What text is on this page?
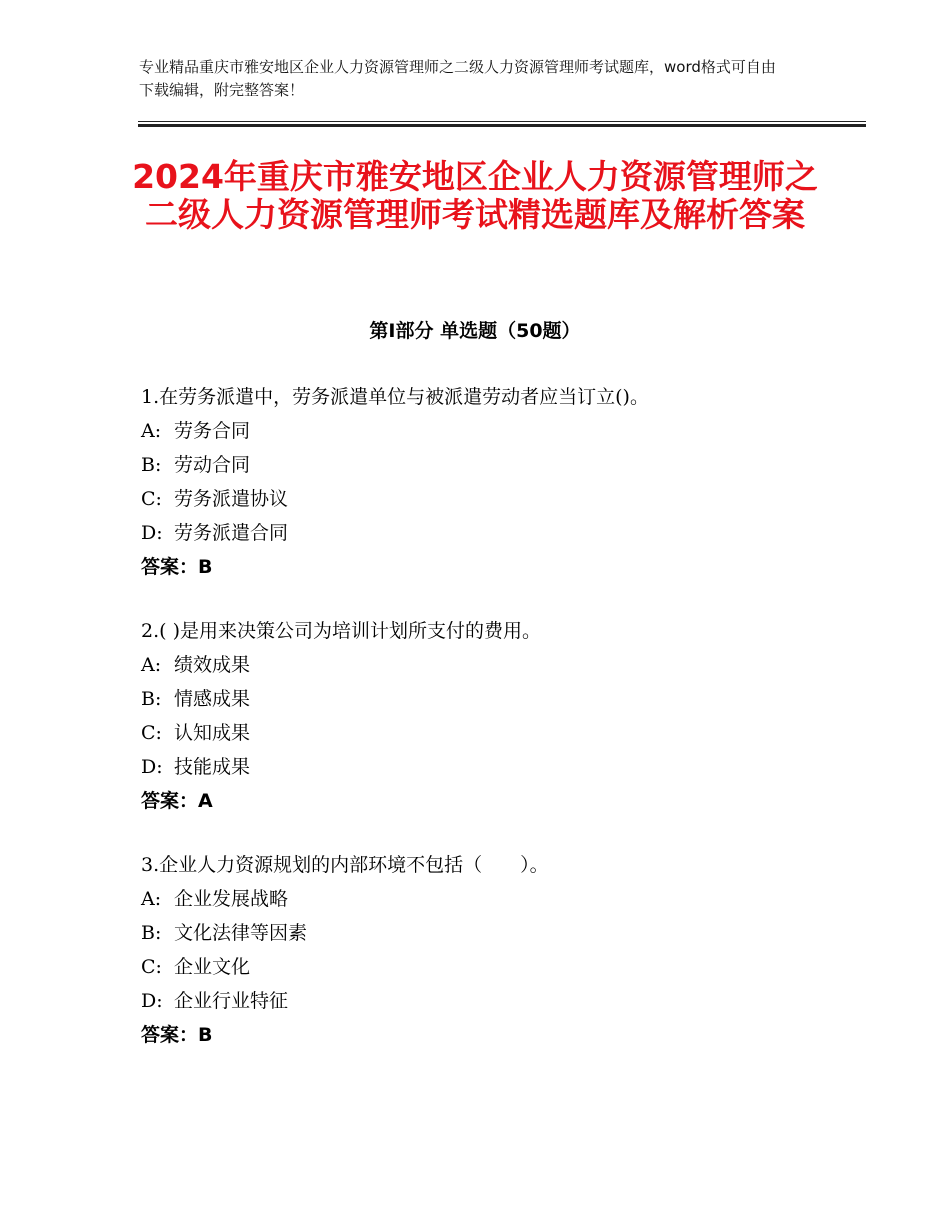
专业精品重庆市雅安地区企业人力资源管理师之二级人力资源管理师考试题库，word格式可自由下载编辑，附完整答案！
2024年重庆市雅安地区企业人力资源管理师之二级人力资源管理师考试精选题库及解析答案
第Ⅰ部分 单选题（50题）
1.在劳务派遣中，劳务派遣单位与被派遣劳动者应当订立()。
A: 劳务合同
B: 劳动合同
C: 劳务派遣协议
D: 劳务派遣合同
答案：B
2.( )是用来决策公司为培训计划所支付的费用。
A: 绩效成果
B: 情感成果
C: 认知成果
D: 技能成果
答案：A
3.企业人力资源规划的内部环境不包括（　　）。
A: 企业发展战略
B: 文化法律等因素
C: 企业文化
D: 企业行业特征
答案：B
